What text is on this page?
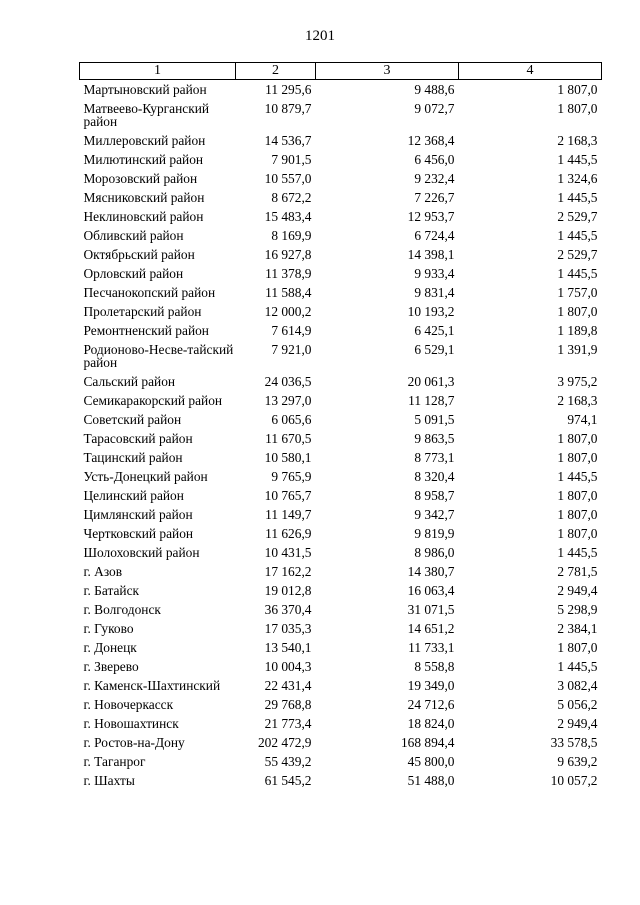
1201
1	2	3	4
Мартыновский район	11 295,6	9 488,6	1 807,0
Матвеево-Курганский район	10 879,7	9 072,7	1 807,0
Миллеровский район	14 536,7	12 368,4	2 168,3
Милютинский район	7 901,5	6 456,0	1 445,5
Морозовский район	10 557,0	9 232,4	1 324,6
Мясниковский район	8 672,2	7 226,7	1 445,5
Неклиновский район	15 483,4	12 953,7	2 529,7
Обливский район	8 169,9	6 724,4	1 445,5
Октябрьский район	16 927,8	14 398,1	2 529,7
Орловский район	11 378,9	9 933,4	1 445,5
Песчанокопский район	11 588,4	9 831,4	1 757,0
Пролетарский район	12 000,2	10 193,2	1 807,0
Ремонтненский район	7 614,9	6 425,1	1 189,8
Родионово-Несве-тайский район	7 921,0	6 529,1	1 391,9
Сальский район	24 036,5	20 061,3	3 975,2
Семикаракорский район	13 297,0	11 128,7	2 168,3
Советский район	6 065,6	5 091,5	974,1
Тарасовский район	11 670,5	9 863,5	1 807,0
Тацинский район	10 580,1	8 773,1	1 807,0
Усть-Донецкий район	9 765,9	8 320,4	1 445,5
Целинский район	10 765,7	8 958,7	1 807,0
Цимлянский район	11 149,7	9 342,7	1 807,0
Чертковский район	11 626,9	9 819,9	1 807,0
Шолоховский район	10 431,5	8 986,0	1 445,5
г. Азов	17 162,2	14 380,7	2 781,5
г. Батайск	19 012,8	16 063,4	2 949,4
г. Волгодонск	36 370,4	31 071,5	5 298,9
г. Гуково	17 035,3	14 651,2	2 384,1
г. Донецк	13 540,1	11 733,1	1 807,0
г. Зверево	10 004,3	8 558,8	1 445,5
г. Каменск-Шахтинский	22 431,4	19 349,0	3 082,4
г. Новочеркасск	29 768,8	24 712,6	5 056,2
г. Новошахтинск	21 773,4	18 824,0	2 949,4
г. Ростов-на-Дону	202 472,9	168 894,4	33 578,5
г. Таганрог	55 439,2	45 800,0	9 639,2
г. Шахты	61 545,2	51 488,0	10 057,2
